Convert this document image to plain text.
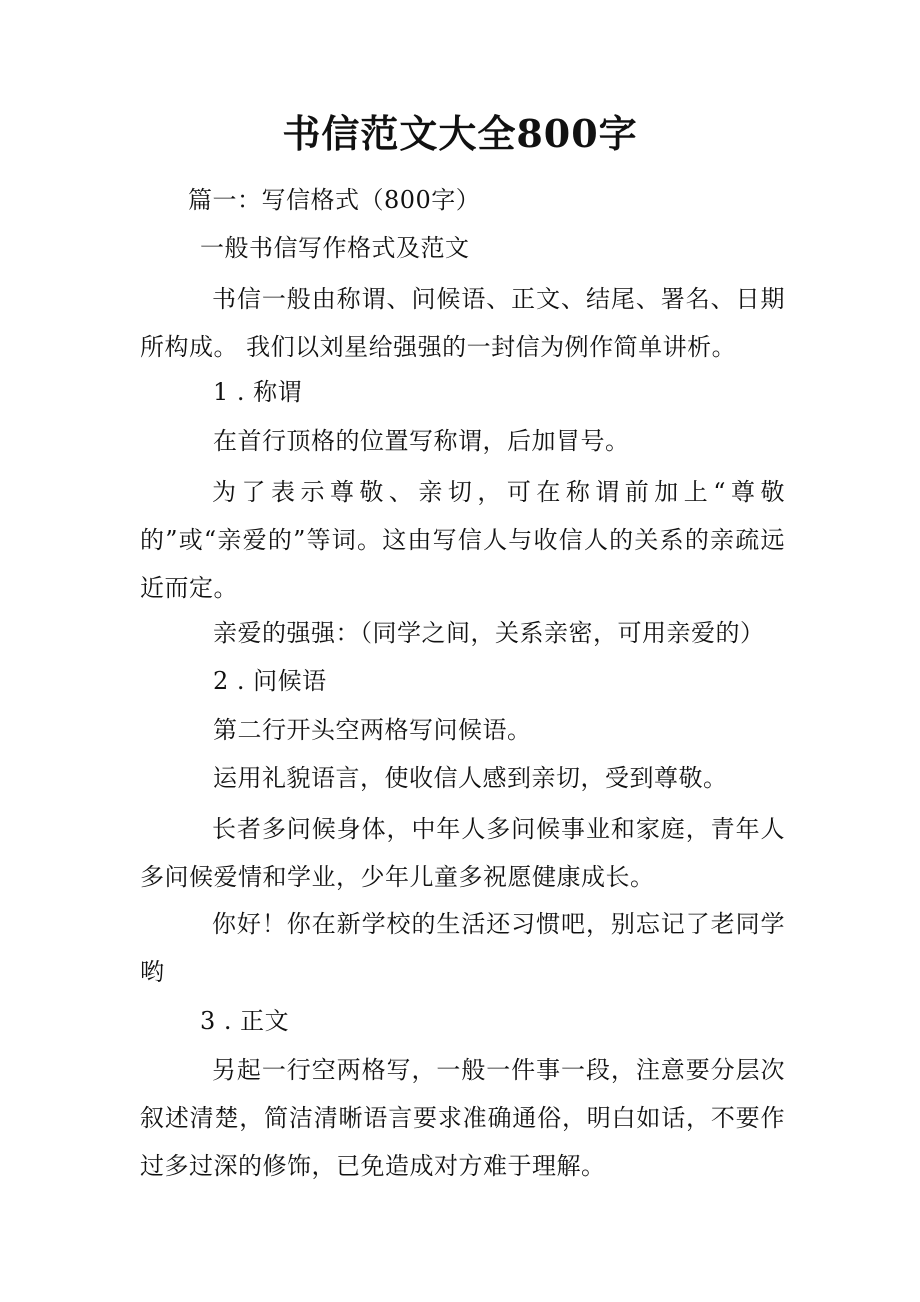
书信范文大全800字
篇一：写信格式（800字）
一般书信写作格式及范文
书信一般由称谓、问候语、正文、结尾、署名、日期所构成。 我们以刘星给强强的一封信为例作简单讲析。
1 . 称谓
在首行顶格的位置写称谓，后加冒号。
为了表示尊敬、亲切，可在称谓前加上“尊敬的”或“亲爱的”等词。这由写信人与收信人的关系的亲疏远近而定。
亲爱的强强：（同学之间，关系亲密，可用亲爱的）
2 . 问候语
第二行开头空两格写问候语。
运用礼貌语言，使收信人感到亲切，受到尊敬。
长者多问候身体，中年人多问候事业和家庭，青年人多问候爱情和学业，少年儿童多祝愿健康成长。
你好！你在新学校的生活还习惯吧，别忘记了老同学哟
3 . 正文
另起一行空两格写，一般一件事一段，注意要分层次叙述清楚，简洁清晰语言要求准确通俗，明白如话，不要作过多过深的修饰，已免造成对方难于理解。
